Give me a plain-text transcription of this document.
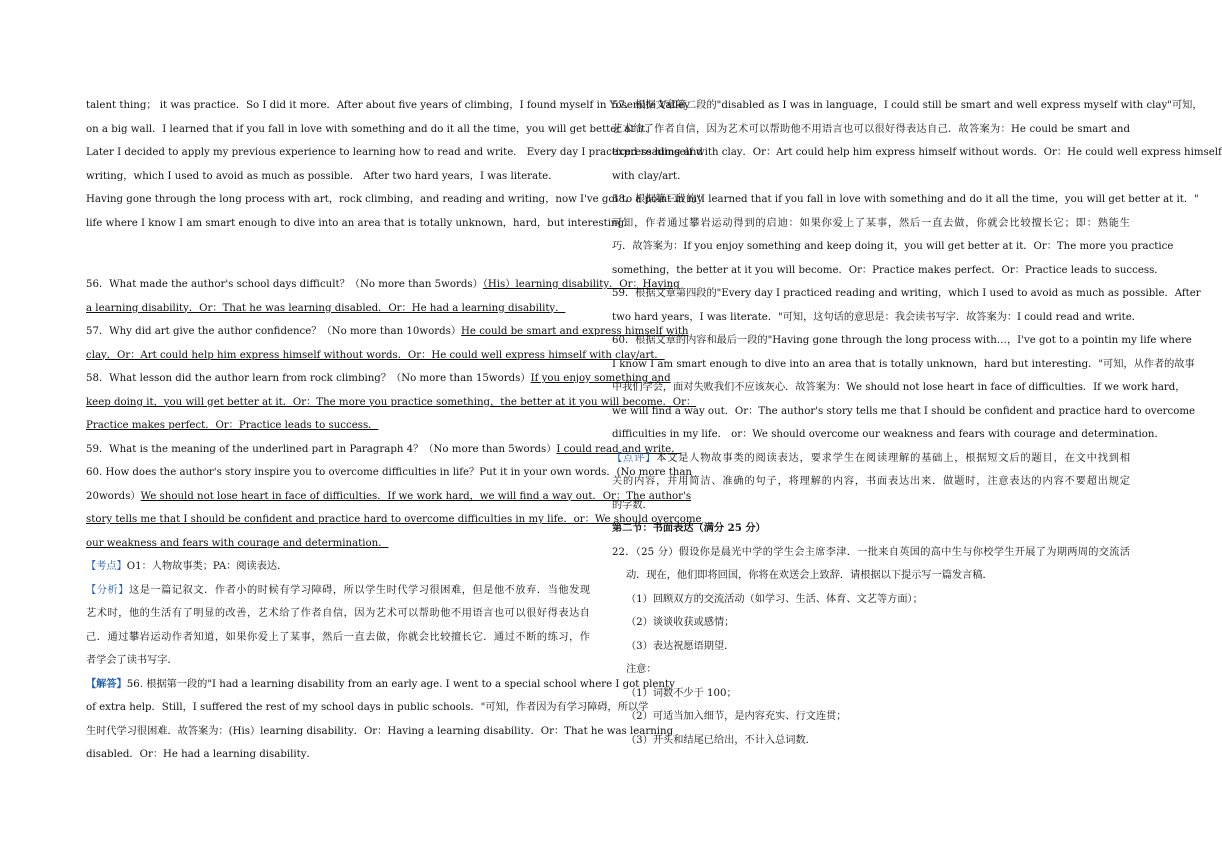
talent thing； it was practice．So I did it more．After about five years of climbing，I found myself in Yosemite Valley
on a big wall．I learned that if you fall in love with something and do it all the time，you will get better at it．
Later I decided to apply my previous experience to learning how to read and write． Every day I practiced reading and
writing，which I used to avoid as much as possible． After two hard years，I was literate．
Having gone through the long process with art，rock climbing，and reading and writing，now I've got to a point in my
life where I know I am smart enough to dive into an area that is totally unknown，hard，but interesting．
56．What made the author's school days difficult？（No more than 5words）（His）learning disability．Or：Having
a learning disability．Or：That he was learning disabled．Or：He had a learning disability．
57．Why did art give the author confidence？（No more than 10words）He could be smart and express himself with
clay．Or：Art could help him express himself without words．Or：He could well express himself with clay/art．
58．What lesson did the author learn from rock climbing？（No more than 15words）If you enjoy something and
keep doing it，you will get better at it．Or：The more you practice something，the better at it you will become．Or：
Practice makes perfect．Or：Practice leads to success．
59．What is the meaning of the underlined part in Paragraph 4？（No more than 5words）I could read and write．
60. How does the author's story inspire you to overcome difficulties in life？Put it in your own words．(No more than
20words）We should not lose heart in face of difficulties．If we work hard，we will find a way out．Or：The author's
story tells me that I should be confident and practice hard to overcome difficulties in my life．or：We should overcome
our weakness and fears with courage and determination．
【考点】O1：人物故事类；PA：阅读表达．
【分析】这是一篇记叙文．作者小的时候有学习障碍，所以学生时代学习很困难，但是他不放弃．当他发现
艺术时，他的生活有了明显的改善，艺术给了作者自信，因为艺术可以帮助他不用语言也可以很好得表达自
己．通过攀岩运动作者知道，如果你爱上了某事，然后一直去做，你就会比较擅长它．通过不断的练习，作
者学会了读书写字．
【解答】56. 根据第一段的"I had a learning disability from an early age. I went to a special school where I got plenty
of extra help．Still，I suffered the rest of my school days in public schools．"可知，作者因为有学习障碍，所以学
生时代学习很困难．故答案为：(His）learning disability．Or：Having a learning disability．Or：That he was learning
disabled．Or：He had a learning disability．
57．根据文章第二段的"disabled as I was in language，I could still be smart and well express myself with clay"可知，
艺术给了作者自信，因为艺术可以帮助他不用语言也可以很好得表达自己．故答案为：He could be smart and
express himself with clay．Or：Art could help him express himself without words．Or：He could well express himself
with clay/art．
58．根据第三段的"I learned that if you fall in love with something and do it all the time，you will get better at it．"
可知，作者通过攀岩运动得到的启迪：如果你爱上了某事，然后一直去做，你就会比较擅长它；即：熟能生
巧．故答案为：If you enjoy something and keep doing it，you will get better at it．Or：The more you practice
something，the better at it you will become．Or：Practice makes perfect．Or：Practice leads to success．
59．根据文章第四段的"Every day I practiced reading and writing，which I used to avoid as much as possible．After
two hard years，I was literate．"可知，这句话的意思是：我会读书写字．故答案为：I could read and write．
60．根据文章的内容和最后一段的"Having gone through the long process with…，I've got to a pointin my life where
I know I am smart enough to dive into an area that is totally unknown，hard but interesting．"可知，从作者的故事
中我们学会，面对失败我们不应该灰心．故答案为：We should not lose heart in face of difficulties．If we work hard，
we will find a way out．Or：The author's story tells me that I should be confident and practice hard to overcome
difficulties in my life． or：We should overcome our weakness and fears with courage and determination．
【点评】本文是人物故事类的阅读表达，要求学生在阅读理解的基础上，根据短文后的题目，在文中找到相
关的内容，并用简洁、准确的句子，将理解的内容，书面表达出来．做题时，注意表达的内容不要超出规定
的字数．
第二节：书面表达（满分 25 分）
22．（25 分）假设你是晨光中学的学生会主席李津．一批来自英国的高中生与你校学生开展了为期两周的交流活
动．现在，他们即将回国，你将在欢送会上致辞．请根据以下提示写一篇发言稿．
（1）回顾双方的交流活动（如学习、生活、体育、文艺等方面）；
（2）谈谈收获或感情；
（3）表达祝愿语期望．
注意：
（1）词数不少于 100；
（2）可适当加入细节，是内容充实、行文连贯；
（3）开头和结尾已给出，不计入总词数．
